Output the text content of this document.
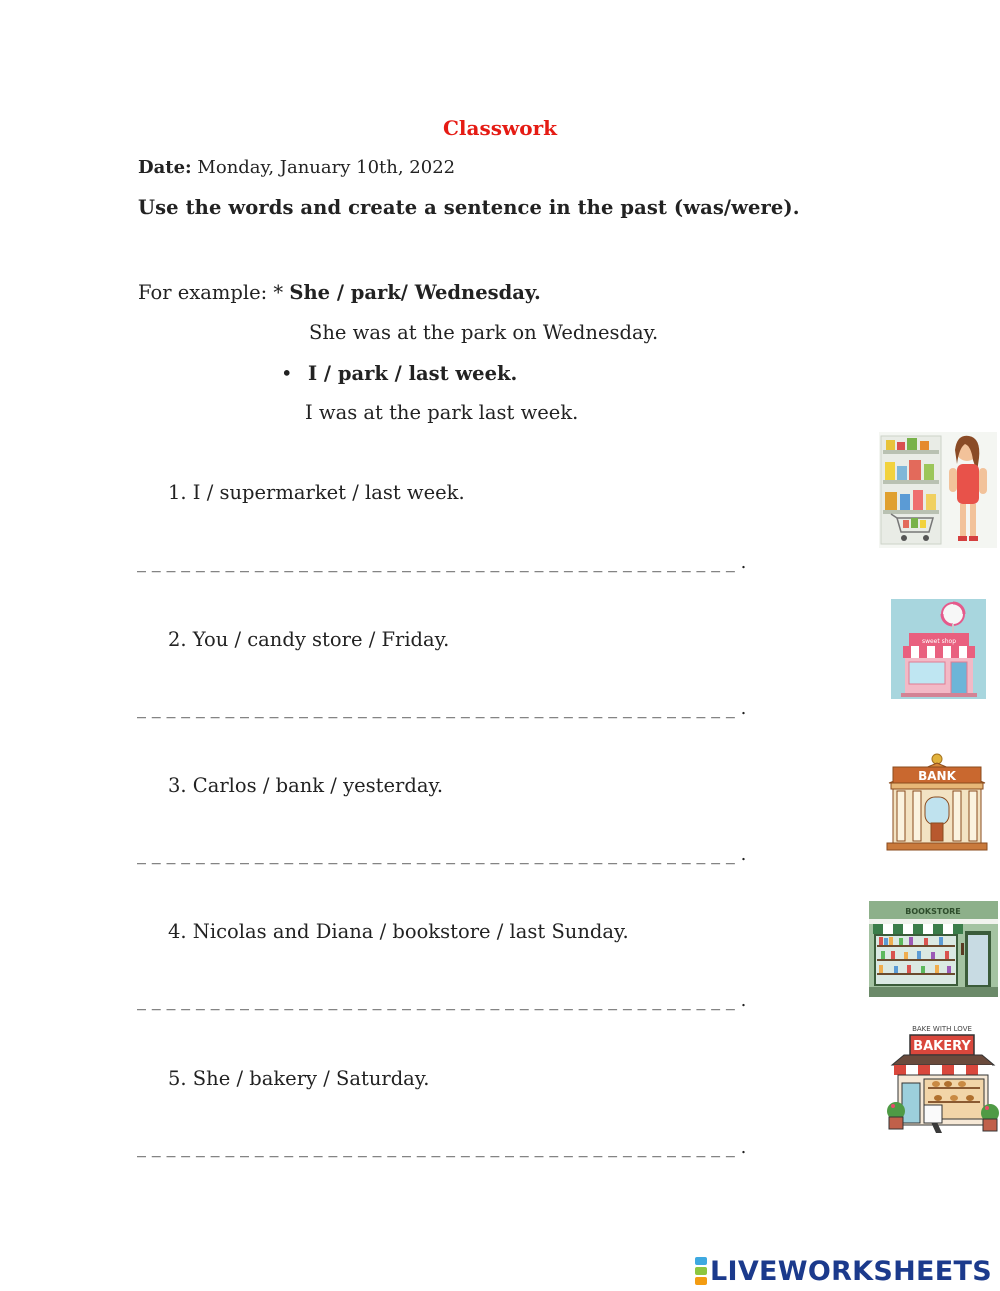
Classwork
Date: Monday, January 10th, 2022
Use the words and create a sentence in the past (was/were).
For example: * She / park/ Wednesday.
She was at the park on Wednesday.
• I / park / last week.
I was at the park last week.
1. I / supermarket / last week.
_ _ _ _ _ _ _ _ _ _ _ _ _ _ _ _ _ _ _ _ _ _ _ _ _ _ _ _ _ _ _ _ _ _ _ _ _ _ _ _ _ .
2. You / candy store / Friday.
_ _ _ _ _ _ _ _ _ _ _ _ _ _ _ _ _ _ _ _ _ _ _ _ _ _ _ _ _ _ _ _ _ _ _ _ _ _ _ _ _ .
3. Carlos / bank / yesterday.
_ _ _ _ _ _ _ _ _ _ _ _ _ _ _ _ _ _ _ _ _ _ _ _ _ _ _ _ _ _ _ _ _ _ _ _ _ _ _ _ _ .
4. Nicolas and Diana / bookstore / last Sunday.
_ _ _ _ _ _ _ _ _ _ _ _ _ _ _ _ _ _ _ _ _ _ _ _ _ _ _ _ _ _ _ _ _ _ _ _ _ _ _ _ _ .
5. She / bakery / Saturday.
_ _ _ _ _ _ _ _ _ _ _ _ _ _ _ _ _ _ _ _ _ _ _ _ _ _ _ _ _ _ _ _ _ _ _ _ _ _ _ _ _ .
sweet shop
BANK
BOOKSTORE
BAKE WITH LOVE
BAKERY
LIVEWORKSHEETS
